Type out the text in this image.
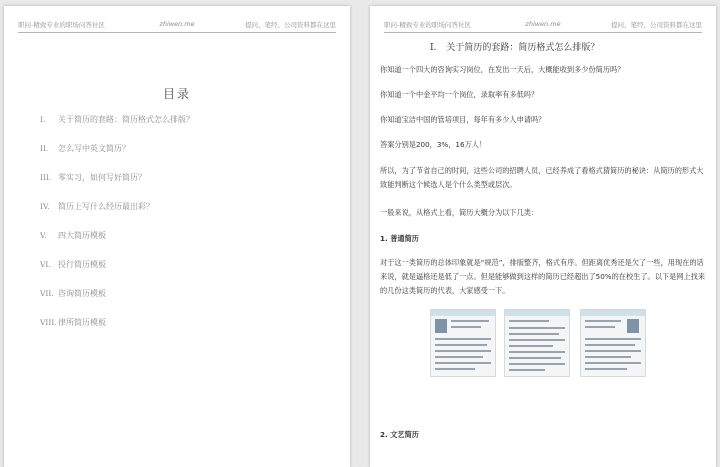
职问-精致专业的职场问答社区	zhiwen.me	提问、笔经、公司资料都在这里
目录
I. 关于简历的套路：简历格式怎么排版？
II. 怎么写中英文简历？
III. 零实习，如何写好简历？
IV. 简历上写什么经历最出彩？
V. 四大简历模板
VI. 投行简历模板
VII. 咨询简历模板
VIII.律所简历模板
职问-精致专业的职场问答社区	zhiwen.me	提问、笔经、公司资料都在这里
I. 关于简历的套路：简历格式怎么排版？

你知道一个四大的咨询实习岗位，在发出一天后，大概能收到多少份简历吗？

你知道一个中金平均一个岗位，录取率有多低吗？

你知道宝洁中国的管培项目，每年有多少人申请吗？

答案分别是200，3%，16万人！

所以，为了节省自己的时间，这些公司的招聘人员，已经养成了看格式猜简历的秘诀：从简历的形式大致能判断这个候选人是个什么类型或层次。

一般来说，从格式上看，简历大概分为以下几类：

1. 普通简历

对于这一类简历的总体印象就是“规范”，排版整齐，格式有序。但距离优秀还是欠了一些，用现在的话来说，就是逼格还是低了一点。但是能够做到这样的简历已经超出了50%的在校生了。以下是网上找来的几份这类简历的代表，大家感受一下。

2. 文艺简历
